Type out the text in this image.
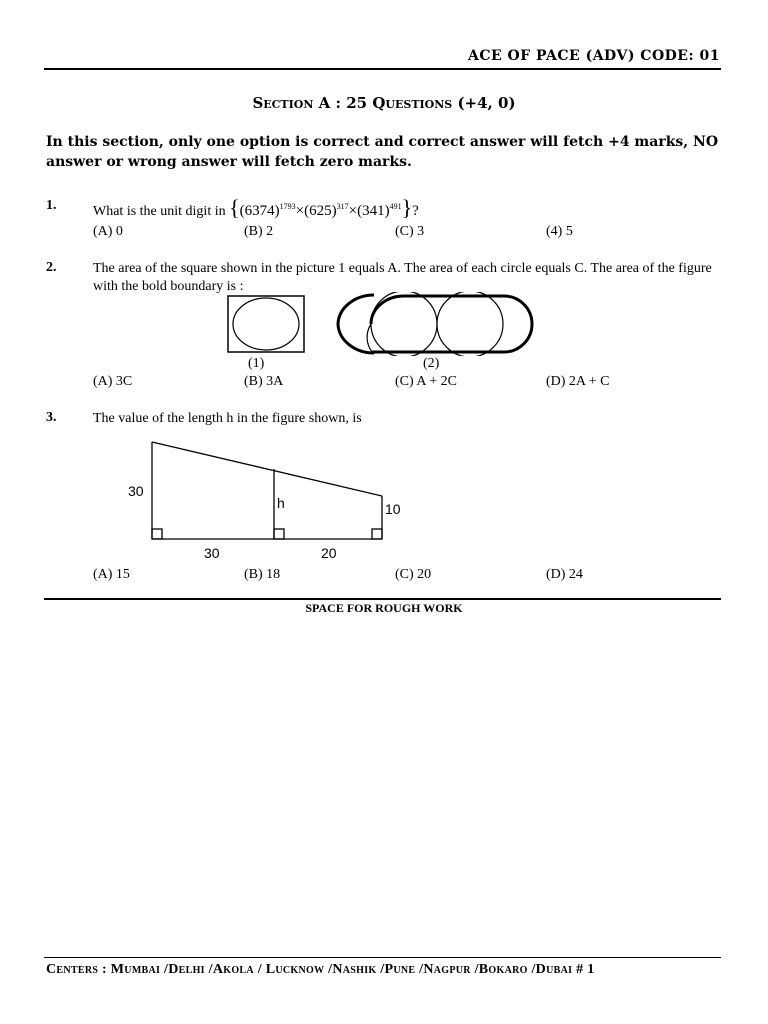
ACE OF PACE (ADV) CODE: 01
Section A : 25 Questions (+4, 0)
In this section, only one option is correct and correct answer will fetch +4 marks, NO answer or wrong answer will fetch zero marks.
1.	What is the unit digit in $\{(6374)^{1793}\times(625)^{317}\times(341)^{491}\}$?
(A) 0	(B) 2	(C) 3	(4) 5
2.	The area of the square shown in the picture 1 equals A. The area of each circle equals C. The area of the figure with the bold boundary is :
(1)	(2)
(A) 3C	(B) 3A	(C) A + 2C	(D) 2A + C
3.	The value of the length h in the figure shown, is
30
h	10
30	20
(A) 15	(B) 18	(C) 20	(D) 24
SPACE FOR ROUGH WORK
Centers : Mumbai /Delhi /Akola / Lucknow /Nashik /Pune /Nagpur /Bokaro /Dubai # 1
